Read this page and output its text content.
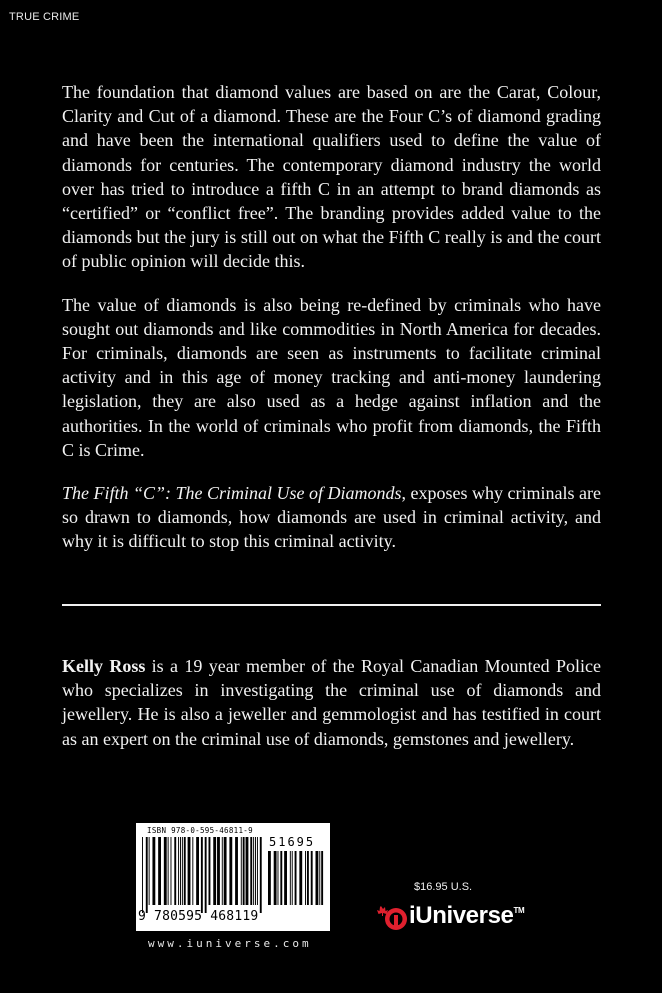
TRUE CRIME

The foundation that diamond values are based on are the Carat, Colour, Clarity and Cut of a diamond. These are the Four C’s of diamond grading and have been the international qualifiers used to define the value of diamonds for centuries. The contemporary diamond industry the world over has tried to introduce a fifth C in an attempt to brand diamonds as “certified” or “conflict free”. The branding provides added value to the diamonds but the jury is still out on what the Fifth C really is and the court of public opinion will decide this.

The value of diamonds is also being re-defined by criminals who have sought out diamonds and like commodities in North America for decades. For criminals, diamonds are seen as instruments to facilitate criminal activity and in this age of money tracking and anti-money laundering legislation, they are also used as a hedge against inflation and the authorities. In the world of criminals who profit from diamonds, the Fifth C is Crime.

The Fifth “C”: The Criminal Use of Diamonds, exposes why criminals are so drawn to diamonds, how diamonds are used in criminal activity, and why it is difficult to stop this criminal activity.

Kelly Ross is a 19 year member of the Royal Canadian Mounted Police who specializes in investigating the criminal use of diamonds and jewellery. He is also a jeweller and gemmologist and has testified in court as an expert on the criminal use of diamonds, gemstones and jewellery.

ISBN 978-0-595-46811-9
51695
9 780595 468119
www.iuniverse.com
$16.95 U.S.
iUniverse™
